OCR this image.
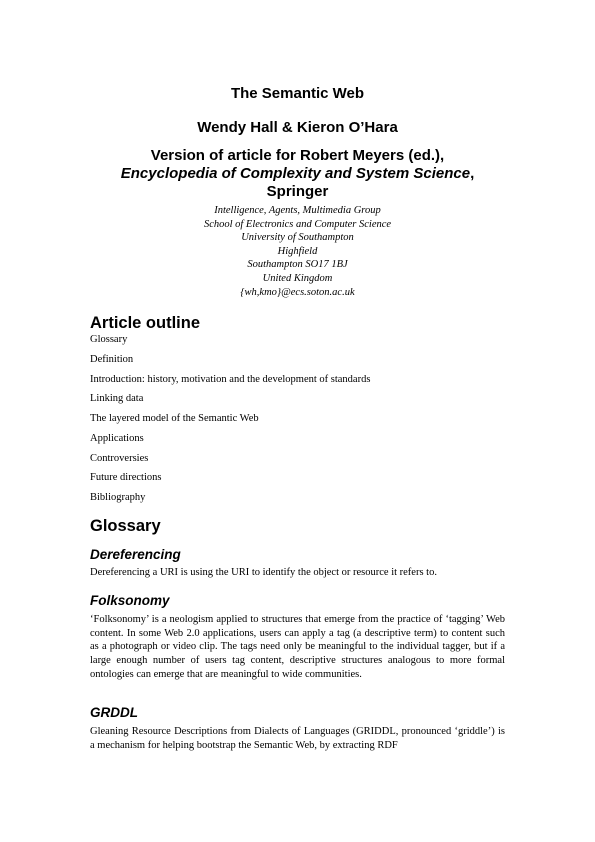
The Semantic Web
Wendy Hall & Kieron O’Hara
Version of article for Robert Meyers (ed.),
Encyclopedia of Complexity and System Science,
Springer
Intelligence, Agents, Multimedia Group
School of Electronics and Computer Science
University of Southampton
Highfield
Southampton SO17 1BJ
United Kingdom
{wh,kmo}@ecs.soton.ac.uk
Article outline
Glossary
Definition
Introduction: history, motivation and the development of standards
Linking data
The layered model of the Semantic Web
Applications
Controversies
Future directions
Bibliography
Glossary
Dereferencing
Dereferencing a URI is using the URI to identify the object or resource it refers to.
Folksonomy
‘Folksonomy’ is a neologism applied to structures that emerge from the practice of ‘tagging’ Web content. In some Web 2.0 applications, users can apply a tag (a descriptive term) to content such as a photograph or video clip. The tags need only be meaningful to the individual tagger, but if a large enough number of users tag content, descriptive structures analogous to more formal ontologies can emerge that are meaningful to wide communities.
GRDDL
Gleaning Resource Descriptions from Dialects of Languages (GRIDDL, pronounced ‘griddle’) is a mechanism for helping bootstrap the Semantic Web, by extracting RDF
